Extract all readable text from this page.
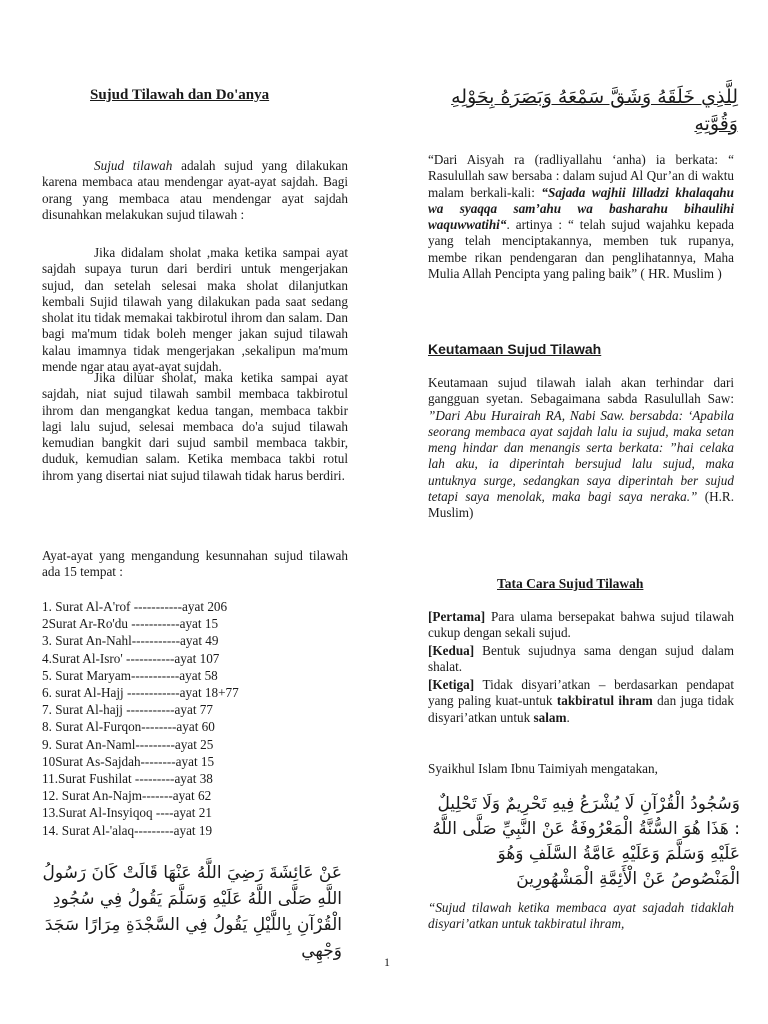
Sujud Tilawah dan Do'anya

Sujud tilawah adalah sujud yang dilakukan karena membaca atau mendengar ayat-ayat sajdah. Bagi orang yang membaca atau mendengar ayat sajdah disunahkan melakukan sujud tilawah :

Jika didalam sholat ,maka ketika sampai ayat sajdah supaya turun dari berdiri untuk mengerjakan sujud, dan setelah selesai maka sholat dilanjutkan kembali Sujid tilawah yang dilakukan pada saat sedang sholat itu tidak memakai takbirotul ihrom dan salam. Dan bagi ma'mum tidak boleh menger jakan sujud tilawah kalau imamnya tidak mengerjakan ,sekalipun ma'mum mende ngar atau ayat-ayat sujdah.

Jika diluar sholat, maka ketika sampai ayat sajdah, niat sujud tilawah sambil membaca takbirotul ihrom dan mengangkat kedua tangan, membaca takbir lagi lalu sujud, selesai membaca do'a sujud tilawah kemudian bangkit dari sujud sambil membaca takbir, duduk, kemudian salam. Ketika membaca takbi rotul ihrom yang disertai niat sujud tilawah tidak harus berdiri.

Ayat-ayat yang mengandung kesunnahan sujud tilawah ada 15 tempat :

1. Surat Al-A'rof -----------ayat 206
2Surat Ar-Ro'du -----------ayat 15
3. Surat An-Nahl-----------ayat 49
4.Surat Al-Isro' -----------ayat 107
5. Surat Maryam-----------ayat 58
6. surat Al-Hajj ------------ayat 18+77
7. Surat Al-hajj -----------ayat 77
8. Surat Al-Furqon--------ayat 60
9. Surat An-Naml---------ayat 25
10Surat As-Sajdah--------ayat 15
11.Surat Fushilat ---------ayat 38
12. Surat An-Najm-------ayat 62
13.Surat Al-Insyiqoq ----ayat 21
14. Surat Al-'alaq---------ayat 19

عَنْ عَائِشَةَ رَضِيَ اللَّهُ عَنْهَا قَالَتْ كَانَ رَسُولُ اللَّهِ صَلَّى اللَّهُ عَلَيْهِ وَسَلَّمَ يَقُولُ فِي سُجُودِ الْقُرْآنِ بِاللَّيْلِ يَقُولُ فِي السَّجْدَةِ مِرَارًا سَجَدَ وَجْهِي

لِلَّذِي خَلَقَهُ وَشَقَّ سَمْعَهُ وَبَصَرَهُ بِحَوْلِهِ وَقُوَّتِهِ

“Dari Aisyah ra (radliyallahu ‘anha) ia berkata: “ Rasulullah saw bersaba : dalam sujud Al Qur’an di waktu malam berkali-kali: “Sajada wajhii lilladzi khalaqahu wa syaqqa sam’ahu wa basharahu bihaulihi waquwwatihi“. artinya : “ telah sujud wajahku kepada yang telah menciptakannya, memben tuk rupanya, membe rikan pendengaran dan penglihatannya, Maha Mulia Allah Pencipta yang paling baik” ( HR. Muslim )

Keutamaan Sujud Tilawah

Keutamaan sujud tilawah ialah akan terhindar dari gangguan syetan. Sebagaimana sabda Rasulullah Saw: ”Dari Abu Hurairah RA, Nabi Saw. bersabda: ‘Apabila seorang membaca ayat sajdah lalu ia sujud, maka setan meng hindar dan menangis serta berkata: ”hai celaka lah aku, ia diperintah bersujud lalu sujud, maka untuknya surge, sedangkan saya diperintah ber sujud tetapi saya menolak, maka bagi saya neraka.” (H.R. Muslim)

Tata Cara Sujud Tilawah

[Pertama] Para ulama bersepakat bahwa sujud tilawah cukup dengan sekali sujud.

[Kedua] Bentuk sujudnya sama dengan sujud dalam shalat.

[Ketiga] Tidak disyari’atkan – berdasarkan pendapat yang paling kuat-untuk takbiratul ihram dan juga tidak disyari’atkan untuk salam.

Syaikhul Islam Ibnu Taimiyah mengatakan,

وَسُجُودُ الْقُرْآنِ لَا يُشْرَعُ فِيهِ تَحْرِيمٌ وَلَا تَحْلِيلٌ : هَذَا هُوَ السُّنَّةُ الْمَعْرُوفَةُ عَنْ النَّبِيِّ صَلَّى اللَّهُ عَلَيْهِ وَسَلَّمَ وَعَلَيْهِ عَامَّةُ السَّلَفِ وَهُوَ الْمَنْصُوصُ عَنْ الْأَئِمَّةِ الْمَشْهُورِينَ

“Sujud tilawah ketika membaca ayat sajadah tidaklah disyari’atkan untuk takbiratul ihram,

1
